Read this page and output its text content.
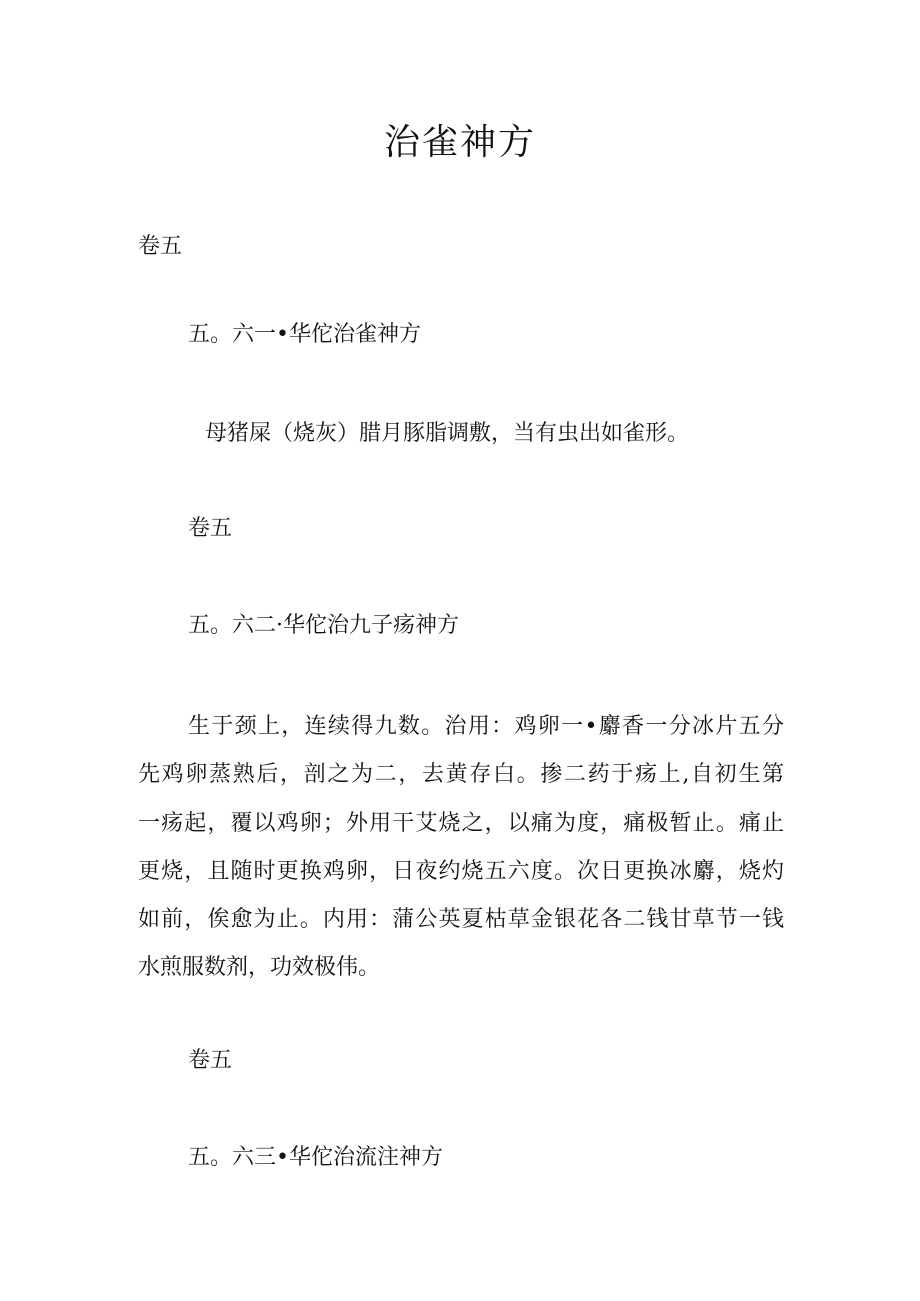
治雀神方
卷五
五。六一•华佗治雀神方
母猪屎（烧灰）腊月豚脂调敷，当有虫出如雀形。
卷五
五。六二·华佗治九子疡神方
生于颈上，连续得九数。治用：鸡卵一•麝香一分冰片五分
先鸡卵蒸熟后，剖之为二，去黄存白。掺二药于疡上,自初生第
一疡起，覆以鸡卵；外用干艾烧之，以痛为度，痛极暂止。痛止
更烧，且随时更换鸡卵，日夜约烧五六度。次日更换冰麝，烧灼
如前，俟愈为止。内用：蒲公英夏枯草金银花各二钱甘草节一钱
水煎服数剂，功效极伟。
卷五
五。六三•华佗治流注神方
